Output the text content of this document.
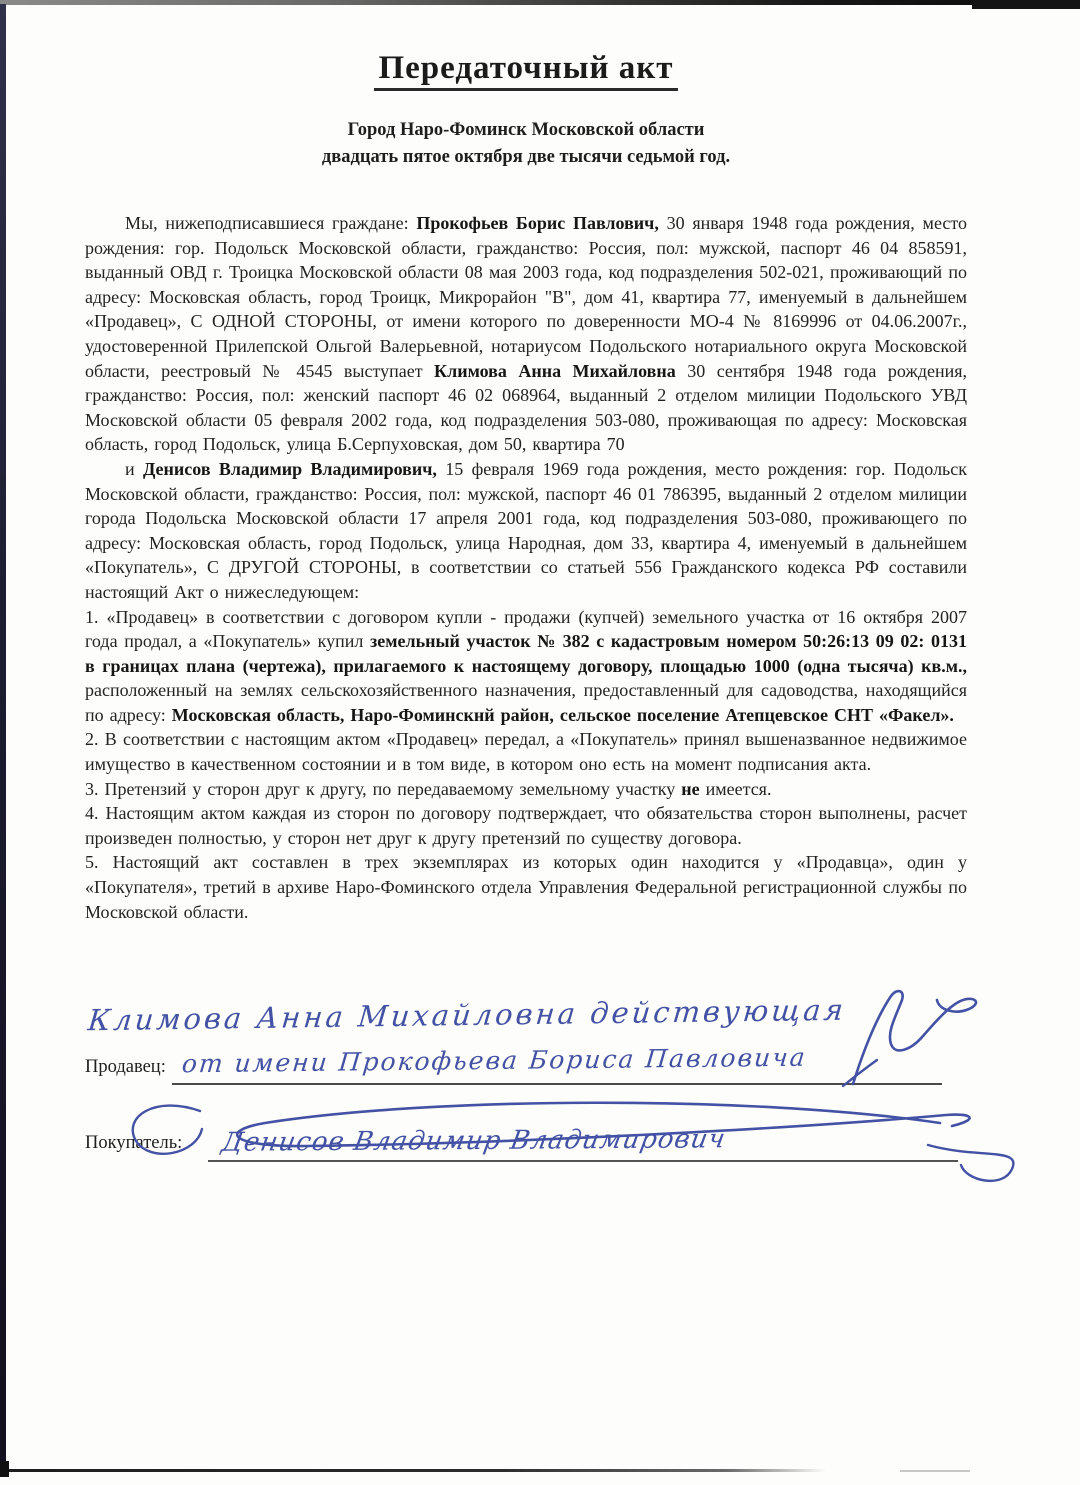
Передаточный акт
Город Наро-Фоминск Московской области
двадцать пятое октября две тысячи седьмой год.

Мы, нижеподписавшиеся граждане: Прокофьев Борис Павлович, 30 января 1948 года рождения, место рождения: гор. Подольск Московской области, гражданство: Россия, пол: мужской, паспорт 46 04 858591, выданный ОВД г. Троицка Московской области 08 мая 2003 года, код подразделения 502-021, проживающий по адресу: Московская область, город Троицк, Микрорайон "В", дом 41, квартира 77, именуемый в дальнейшем «Продавец», С ОДНОЙ СТОРОНЫ, от имени которого по доверенности МО-4 № 8169996 от 04.06.2007г., удостоверенной Прилепской Ольгой Валерьевной, нотариусом Подольского нотариального округа Московской области, реестровый № 4545 выступает Климова Анна Михайловна 30 сентября 1948 года рождения, гражданство: Россия, пол: женский паспорт 46 02 068964, выданный 2 отделом милиции Подольского УВД Московской области 05 февраля 2002 года, код подразделения 503-080, проживающая по адресу: Московская область, город Подольск, улица Б.Серпуховская, дом 50, квартира 70

и Денисов Владимир Владимирович, 15 февраля 1969 года рождения, место рождения: гор. Подольск Московской области, гражданство: Россия, пол: мужской, паспорт 46 01 786395, выданный 2 отделом милиции города Подольска Московской области 17 апреля 2001 года, код подразделения 503-080, проживающего по адресу: Московская область, город Подольск, улица Народная, дом 33, квартира 4, именуемый в дальнейшем «Покупатель», С ДРУГОЙ СТОРОНЫ, в соответствии со статьей 556 Гражданского кодекса РФ составили настоящий Акт о нижеследующем:

1. «Продавец» в соответствии с договором купли - продажи (купчей) земельного участка от 16 октября 2007 года продал, а «Покупатель» купил земельный участок № 382 с кадастровым номером 50:26:13 09 02: 0131 в границах плана (чертежа), прилагаемого к настоящему договору, площадью 1000 (одна тысяча) кв.м., расположенный на землях сельскохозяйственного назначения, предоставленный для садоводства, находящийся по адресу: Московская область, Наро-Фоминскнй район, сельское поселение Атепцевское СНТ «Факел».

2. В соответствии с настоящим актом «Продавец» передал, а «Покупатель» принял вышеназванное недвижимое имущество в качественном состоянии и в том виде, в котором оно есть на момент подписания акта.

3. Претензий у сторон друг к другу, по передаваемому земельному участку не имеется.

4. Настоящим актом каждая из сторон по договору подтверждает, что обязательства сторон выполнены, расчет произведен полностью, у сторон нет друг к другу претензий по существу договора.

5. Настоящий акт составлен в трех экземплярах из которых один находится у «Продавца», один у «Покупателя», третий в архиве Наро-Фоминского отдела Управления Федеральной регистрационной службы по Московской области.

Климова Анна Михайловна действующая
Продавец: от имени Прокофьева Бориса Павловича
Покупатель: Денисов Владимир Владимирович
